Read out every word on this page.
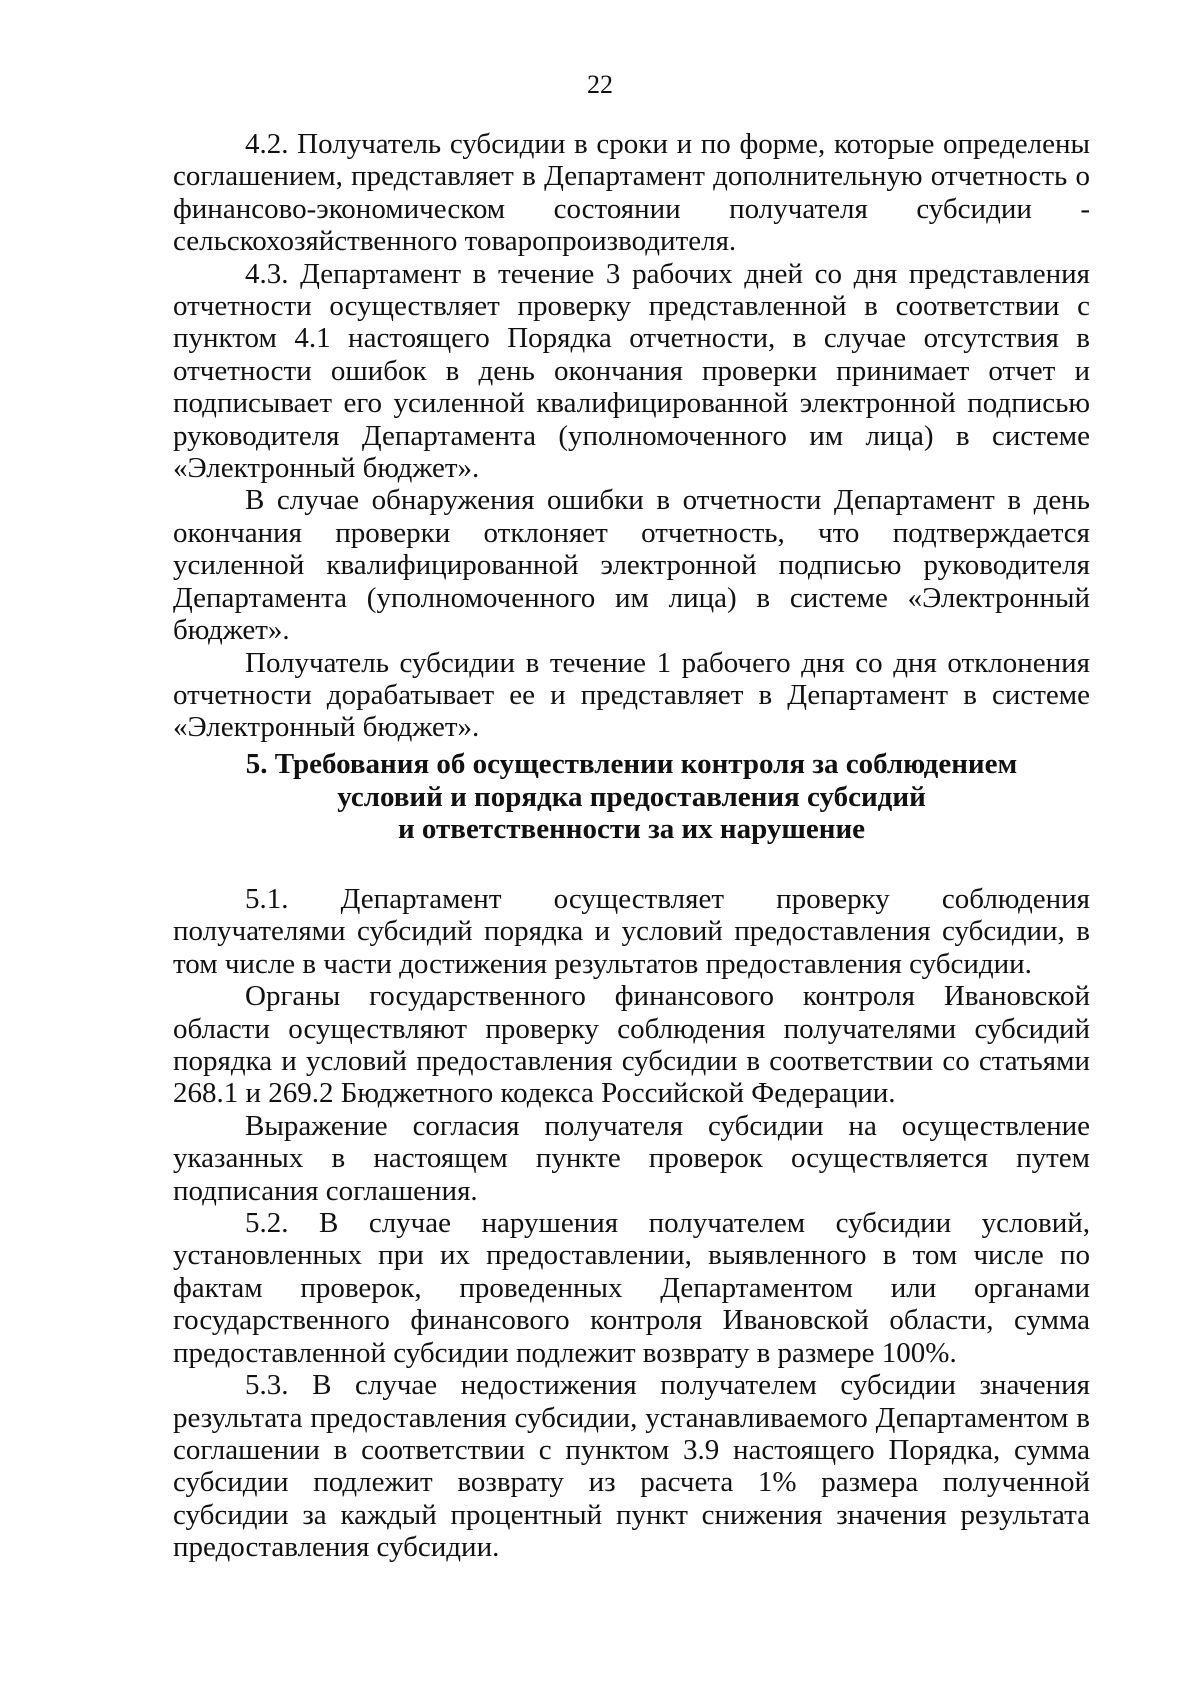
22

4.2. Получатель субсидии в сроки и по форме, которые определены соглашением, представляет в Департамент дополнительную отчетность о финансово-экономическом состоянии получателя субсидии - сельскохозяйственного товаропроизводителя.

4.3. Департамент в течение 3 рабочих дней со дня представления отчетности осуществляет проверку представленной в соответствии с пунктом 4.1 настоящего Порядка отчетности, в случае отсутствия в отчетности ошибок в день окончания проверки принимает отчет и подписывает его усиленной квалифицированной электронной подписью руководителя Департамента (уполномоченного им лица) в системе «Электронный бюджет».

В случае обнаружения ошибки в отчетности Департамент в день окончания проверки отклоняет отчетность, что подтверждается усиленной квалифицированной электронной подписью руководителя Департамента (уполномоченного им лица) в системе «Электронный бюджет».

Получатель субсидии в течение 1 рабочего дня со дня отклонения отчетности дорабатывает ее и представляет в Департамент в системе «Электронный бюджет».

5. Требования об осуществлении контроля за соблюдением
условий и порядка предоставления субсидий
и ответственности за их нарушение

5.1. Департамент осуществляет проверку соблюдения получателями субсидий порядка и условий предоставления субсидии, в том числе в части достижения результатов предоставления субсидии.

Органы государственного финансового контроля Ивановской области осуществляют проверку соблюдения получателями субсидий порядка и условий предоставления субсидии в соответствии со статьями 268.1 и 269.2 Бюджетного кодекса Российской Федерации.

Выражение согласия получателя субсидии на осуществление указанных в настоящем пункте проверок осуществляется путем подписания соглашения.

5.2. В случае нарушения получателем субсидии условий, установленных при их предоставлении, выявленного в том числе по фактам проверок, проведенных Департаментом или органами государственного финансового контроля Ивановской области, сумма предоставленной субсидии подлежит возврату в размере 100%.

5.3. В случае недостижения получателем субсидии значения результата предоставления субсидии, устанавливаемого Департаментом в соглашении в соответствии с пунктом 3.9 настоящего Порядка, сумма субсидии подлежит возврату из расчета 1% размера полученной субсидии за каждый процентный пункт снижения значения результата предоставления субсидии.
